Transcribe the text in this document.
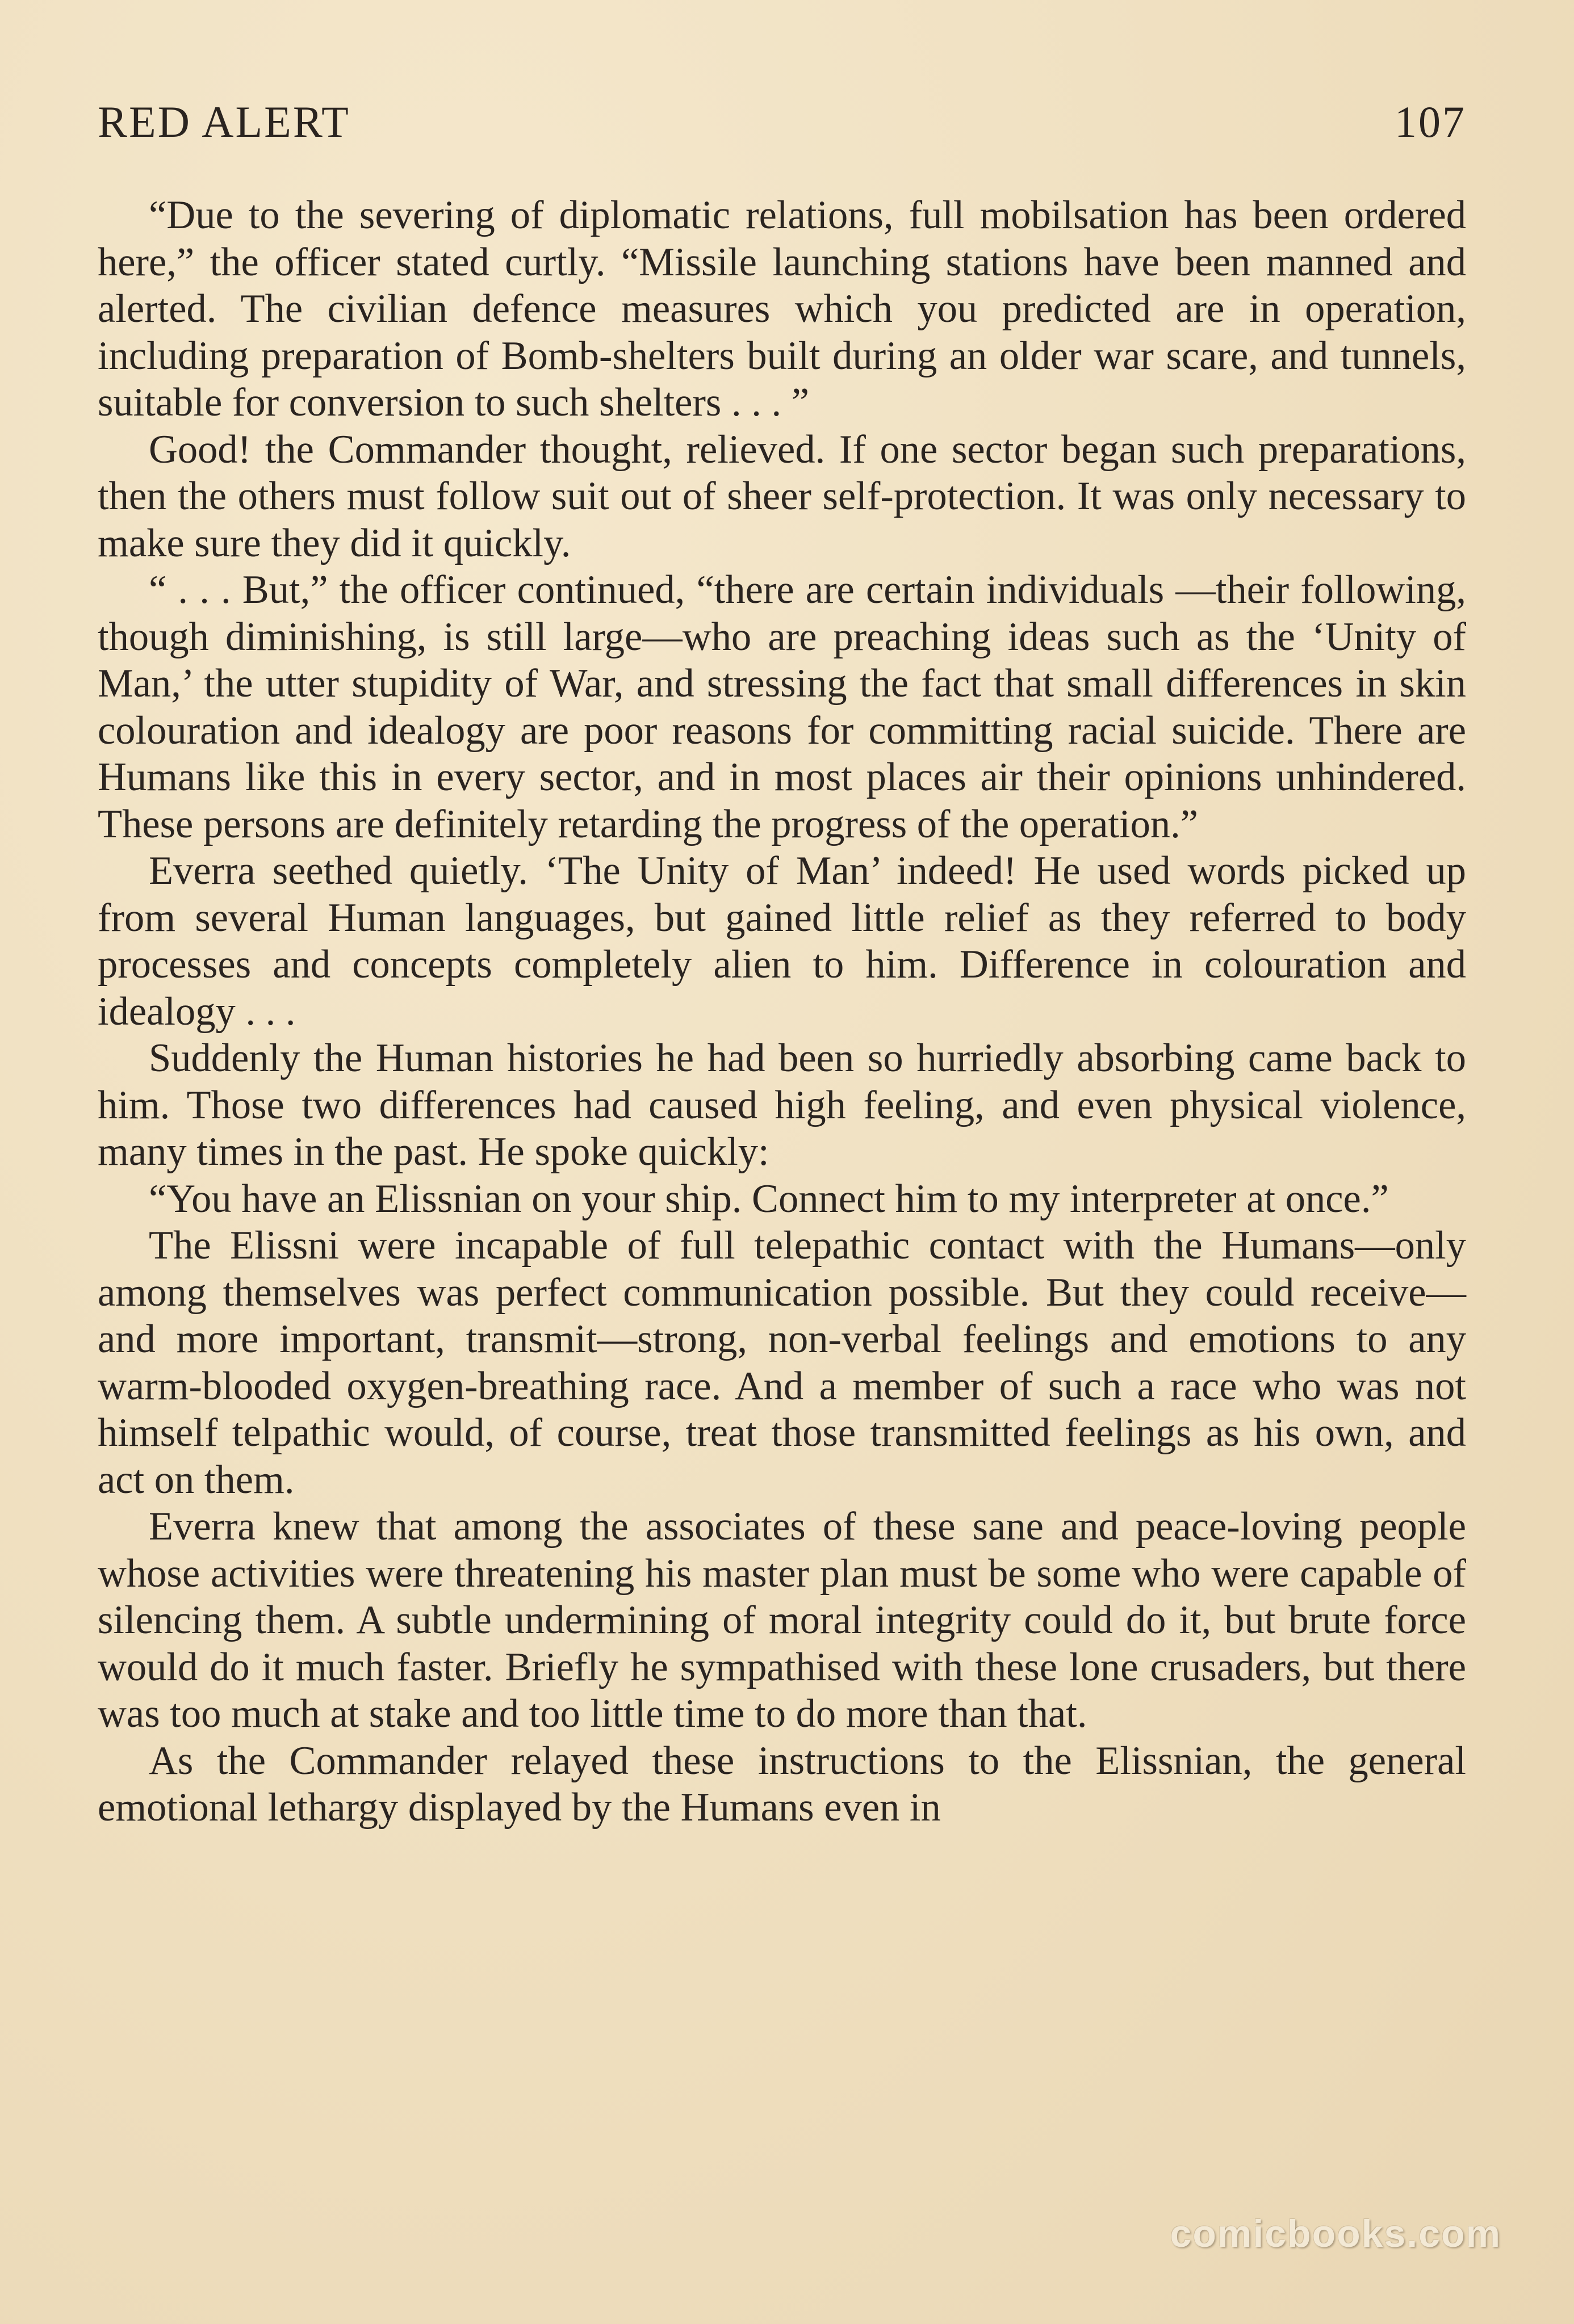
RED ALERT	107

“Due to the severing of diplomatic relations, full mobilsation has been ordered here,” the officer stated curtly. “Missile launching stations have been manned and alerted. The civilian defence measures which you predicted are in operation, including preparation of Bomb-shelters built during an older war scare, and tunnels, suitable for conversion to such shelters . . . ”

Good! the Commander thought, relieved. If one sector began such preparations, then the others must follow suit out of sheer self-protection. It was only necessary to make sure they did it quickly.

“ . . . But,” the officer continued, “there are certain individuals —their following, though diminishing, is still large—who are preaching ideas such as the ‘Unity of Man,’ the utter stupidity of War, and stressing the fact that small differences in skin colouration and idealogy are poor reasons for committing racial suicide. There are Humans like this in every sector, and in most places air their opinions unhindered. These persons are definitely retarding the progress of the operation.”

Everra seethed quietly. ‘The Unity of Man’ indeed! He used words picked up from several Human languages, but gained little relief as they referred to body processes and concepts completely alien to him. Difference in colouration and idealogy . . .

Suddenly the Human histories he had been so hurriedly absorbing came back to him. Those two differences had caused high feeling, and even physical violence, many times in the past. He spoke quickly:

“You have an Elissnian on your ship. Connect him to my interpreter at once.”

The Elissni were incapable of full telepathic contact with the Humans—only among themselves was perfect communication possible. But they could receive—and more important, transmit—strong, non-verbal feelings and emotions to any warm-blooded oxygen-breathing race. And a member of such a race who was not himself telpathic would, of course, treat those transmitted feelings as his own, and act on them.

Everra knew that among the associates of these sane and peace-loving people whose activities were threatening his master plan must be some who were capable of silencing them. A subtle undermining of moral integrity could do it, but brute force would do it much faster. Briefly he sympathised with these lone crusaders, but there was too much at stake and too little time to do more than that.

As the Commander relayed these instructions to the Elissnian, the general emotional lethargy displayed by the Humans even in

comicbooks.com
